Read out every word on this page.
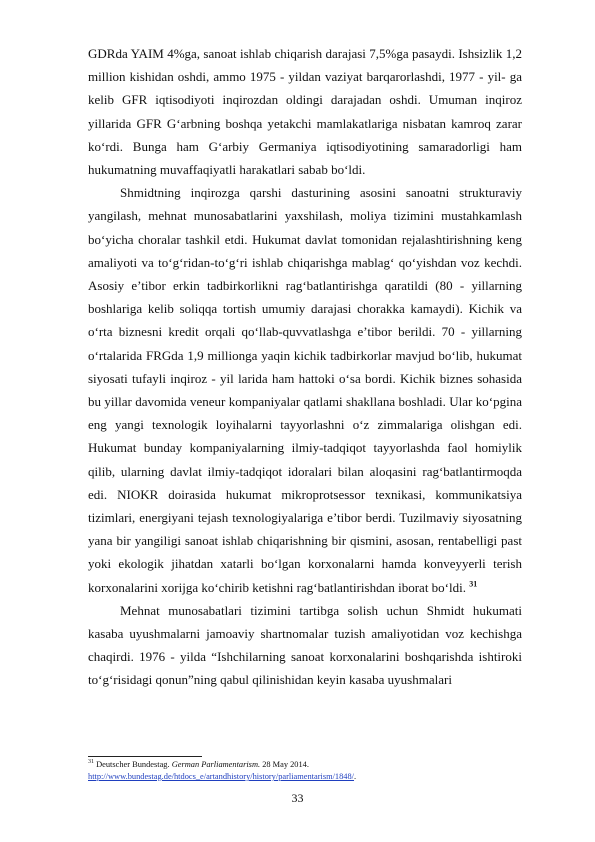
GDRda YAIM 4%ga, sanoat ishlab chiqarish darajasi 7,5%ga pasaydi. Ishsizlik 1,2 million kishidan oshdi, ammo 1975 - yildan vaziyat barqarorlashdi, 1977 - yil- ga kelib GFR iqtisodiyoti inqirozdan oldingi darajadan oshdi. Umuman inqiroz yillarida GFR G‘arbning boshqa yetakchi mamlakatlariga nisbatan kamroq zarar ko‘rdi. Bunga ham G‘arbiy Germaniya iqtisodiyotining samaradorligi ham hukumatning muvaffaqiyatli harakatlari sabab bo‘ldi.

Shmidtning inqirozga qarshi dasturining asosini sanoatni strukturaviy yangilash, mehnat munosabatlarini yaxshilash, moliya tizimini mustahkamlash bo‘yicha choralar tashkil etdi. Hukumat davlat tomonidan rejalashtirishning keng amaliyoti va to‘g‘ridan-to‘g‘ri ishlab chiqarishga mablag‘ qo‘yishdan voz kechdi. Asosiy e’tibor erkin tadbirkorlikni rag‘batlantirishga qaratildi (80 - yillarning boshlariga kelib soliqqa tortish umumiy darajasi chorakka kamaydi). Kichik va o‘rta biznesni kredit orqali qo‘llab-quvvatlashga e’tibor berildi. 70 - yillarning o‘rtalarida FRGda 1,9 millionga yaqin kichik tadbirkorlar mavjud bo‘lib, hukumat siyosati tufayli inqiroz - yil larida ham hattoki o‘sa bordi. Kichik biznes sohasida bu yillar davomida veneur kompaniyalar qatlami shakllana boshladi. Ular ko‘pgina eng yangi texnologik loyihalarni tayyorlashni o‘z zimmalariga olishgan edi. Hukumat bunday kompaniyalarning ilmiy-tadqiqot tayyorlashda faol homiylik qilib, ularning davlat ilmiy-tadqiqot idoralari bilan aloqasini rag‘batlantirmoqda edi. NIOKR doirasida hukumat mikroprotsessor texnikasi, kommunikatsiya tizimlari, energiyani tejash texnologiyalariga e’tibor berdi. Tuzilmaviy siyosatning yana bir yangiligi sanoat ishlab chiqarishning bir qismini, asosan, rentabelligi past yoki ekologik jihatdan xatarli bo‘lgan korxonalarni hamda konveyyerli terish korxonalarini xorijga ko‘chirib ketishni rag‘batlantirishdan iborat bo‘ldi. $^{31}$

Mehnat munosabatlari tizimini tartibga solish uchun Shmidt hukumati kasaba uyushmalarni jamoaviy shartnomalar tuzish amaliyotidan voz kechishga chaqirdi. 1976 - yilda “Ishchilarning sanoat korxonalarini boshqarishda ishtiroki to‘g‘risidagi qonun”ning qabul qilinishidan keyin kasaba uyushmalari

$^{31}$ Deutscher Bundestag. German Parliamentarism. 28 May 2014. http://www.bundestag.de/htdocs_e/artandhistory/history/parliamentarism/1848/.
33
